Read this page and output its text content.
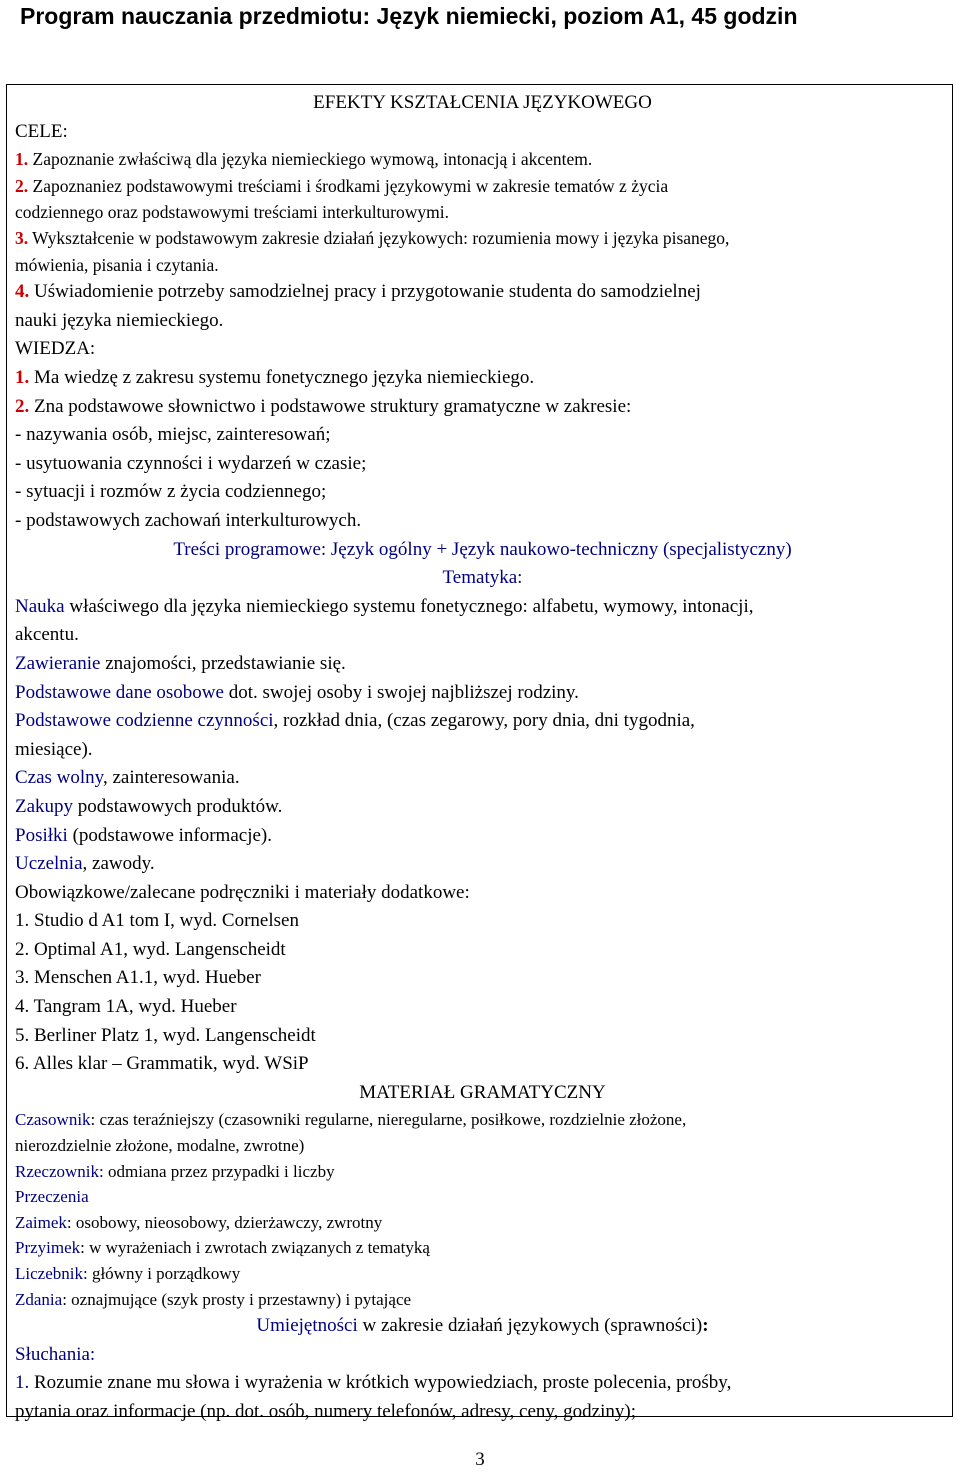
Program nauczania przedmiotu: Język niemiecki, poziom A1, 45 godzin
EFEKTY KSZTAŁCENIA JĘZYKOWEGO
CELE:
1. Zapoznanie zwłaściwą dla języka niemieckiego wymową, intonacją i akcentem.
2. Zapoznaniez podstawowymi treściami i środkami językowymi w zakresie tematów z życia
codziennego oraz podstawowymi treściami interkulturowymi.
3. Wykształcenie w podstawowym zakresie działań językowych: rozumienia mowy i języka pisanego,
mówienia, pisania i czytania.
4. Uświadomienie potrzeby samodzielnej pracy i przygotowanie studenta do samodzielnej
nauki języka niemieckiego.
WIEDZA:
1. Ma wiedzę z zakresu systemu fonetycznego języka niemieckiego.
2. Zna podstawowe słownictwo i podstawowe struktury gramatyczne w zakresie:
- nazywania osób, miejsc, zainteresowań;
- usytuowania czynności i wydarzeń w czasie;
- sytuacji i rozmów z życia codziennego;
- podstawowych zachowań interkulturowych.
Treści programowe: Język ogólny + Język naukowo-techniczny (specjalistyczny)
Tematyka:
Nauka właściwego dla języka niemieckiego systemu fonetycznego: alfabetu, wymowy, intonacji,
akcentu.
Zawieranie znajomości, przedstawianie się.
Podstawowe dane osobowe dot. swojej osoby i swojej najbliższej rodziny.
Podstawowe codzienne czynności, rozkład dnia, (czas zegarowy, pory dnia, dni tygodnia,
miesiące).
Czas wolny, zainteresowania.
Zakupy podstawowych produktów.
Posiłki (podstawowe informacje).
Uczelnia, zawody.
Obowiązkowe/zalecane podręczniki i materiały dodatkowe:
1. Studio d A1 tom I, wyd. Cornelsen
2. Optimal A1, wyd. Langenscheidt
3. Menschen A1.1, wyd. Hueber
4. Tangram 1A, wyd. Hueber
5. Berliner Platz 1, wyd. Langenscheidt
6. Alles klar – Grammatik, wyd. WSiP
MATERIAŁ GRAMATYCZNY
Czasownik: czas teraźniejszy (czasowniki regularne, nieregularne, posiłkowe, rozdzielnie złożone,
nierozdzielnie złożone, modalne, zwrotne)
Rzeczownik: odmiana przez przypadki i liczby
Przeczenia
Zaimek: osobowy, nieosobowy, dzierżawczy, zwrotny
Przyimek: w wyrażeniach i zwrotach związanych z tematyką
Liczebnik: główny i porządkowy
Zdania: oznajmujące (szyk prosty i przestawny) i pytające
Umiejętności w zakresie działań językowych (sprawności):
Słuchania:
1. Rozumie znane mu słowa i wyrażenia w krótkich wypowiedziach, proste polecenia, prośby,
pytania oraz informacje (np. dot. osób, numery telefonów, adresy, ceny, godziny);
3
